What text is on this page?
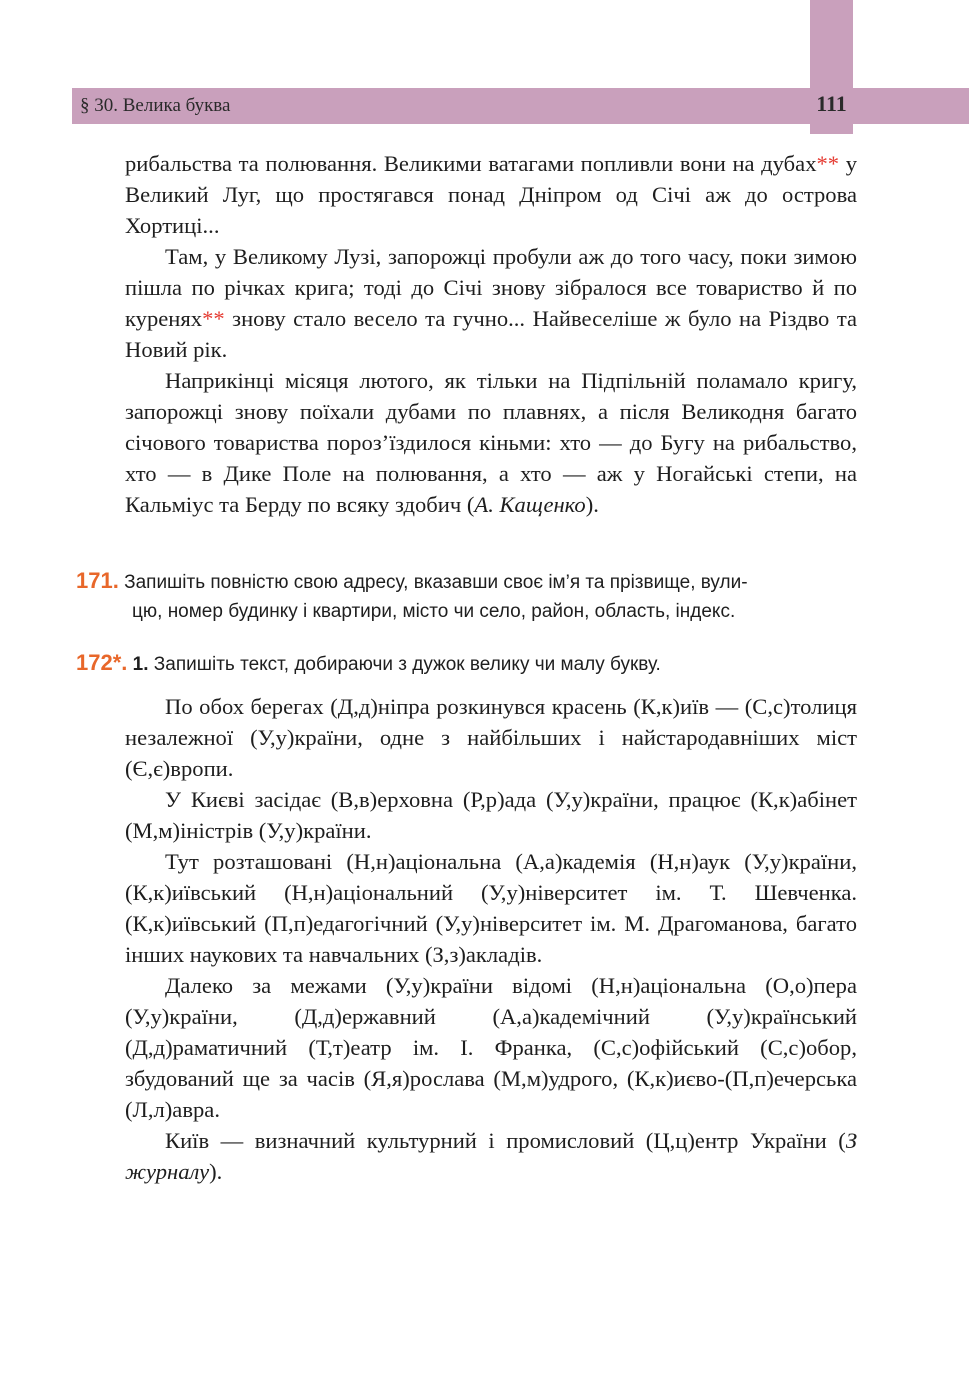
§ 30. Велика буква	111

рибальства та полювання. Великими ватагами попливли вони на дубах** у Великий Луг, що простягався понад Дніпром од Січі аж до острова Хортиці...

Там, у Великому Лузі, запорожці пробули аж до того часу, поки зимою пішла по річках крига; тоді до Січі знову зібралося все товариство й по куренях** знову стало весело та гучно... Найвеселіше ж було на Різдво та Новий рік.

Наприкінці місяця лютого, як тільки на Підпільній поламало кригу, запорожці знову поїхали дубами по плавнях, а після Великодня багато січового товариства пороз’їздилося кіньми: хто — до Бугу на рибальство, хто — в Дике Поле на полювання, а хто — аж у Ногайські степи, на Кальміус та Берду по всяку здобич (А. Кащенко).

171. Запишіть повністю свою адресу, вказавши своє ім’я та прізвище, вули-
цю, номер будинку і квартири, місто чи село, район, область, індекс.
172*. 1. Запишіть текст, добираючи з дужок велику чи малу букву.

По обох берегах (Д,д)ніпра розкинувся красень (К,к)иїв — (С,с)толиця незалежної (У,у)країни, одне з найбільших і найстародавніших міст (Є,є)вропи.

У Києві засідає (В,в)ерховна (Р,р)ада (У,у)країни, працює (К,к)абінет (М,м)іністрів (У,у)країни.

Тут розташовані (Н,н)аціональна (А,а)кадемія (Н,н)аук (У,у)країни, (К,к)иївський (Н,н)аціональний (У,у)ніверситет ім. Т. Шевченка. (К,к)иївський (П,п)едагогічний (У,у)ніверситет ім. М. Драгоманова, багато інших наукових та навчальних (З,з)акладів.

Далеко за межами (У,у)країни відомі (Н,н)аціональна (О,о)пера (У,у)країни, (Д,д)ержавний (А,а)кадемічний (У,у)країнський (Д,д)раматичний (Т,т)еатр ім. І. Франка, (С,с)офійський (С,с)обор, збудований ще за часів (Я,я)рослава (М,м)удрого, (К,к)иєво-(П,п)ечерська (Л,л)авра.

Київ — визначний культурний і промисловий (Ц,ц)ентр України (З журналу).
